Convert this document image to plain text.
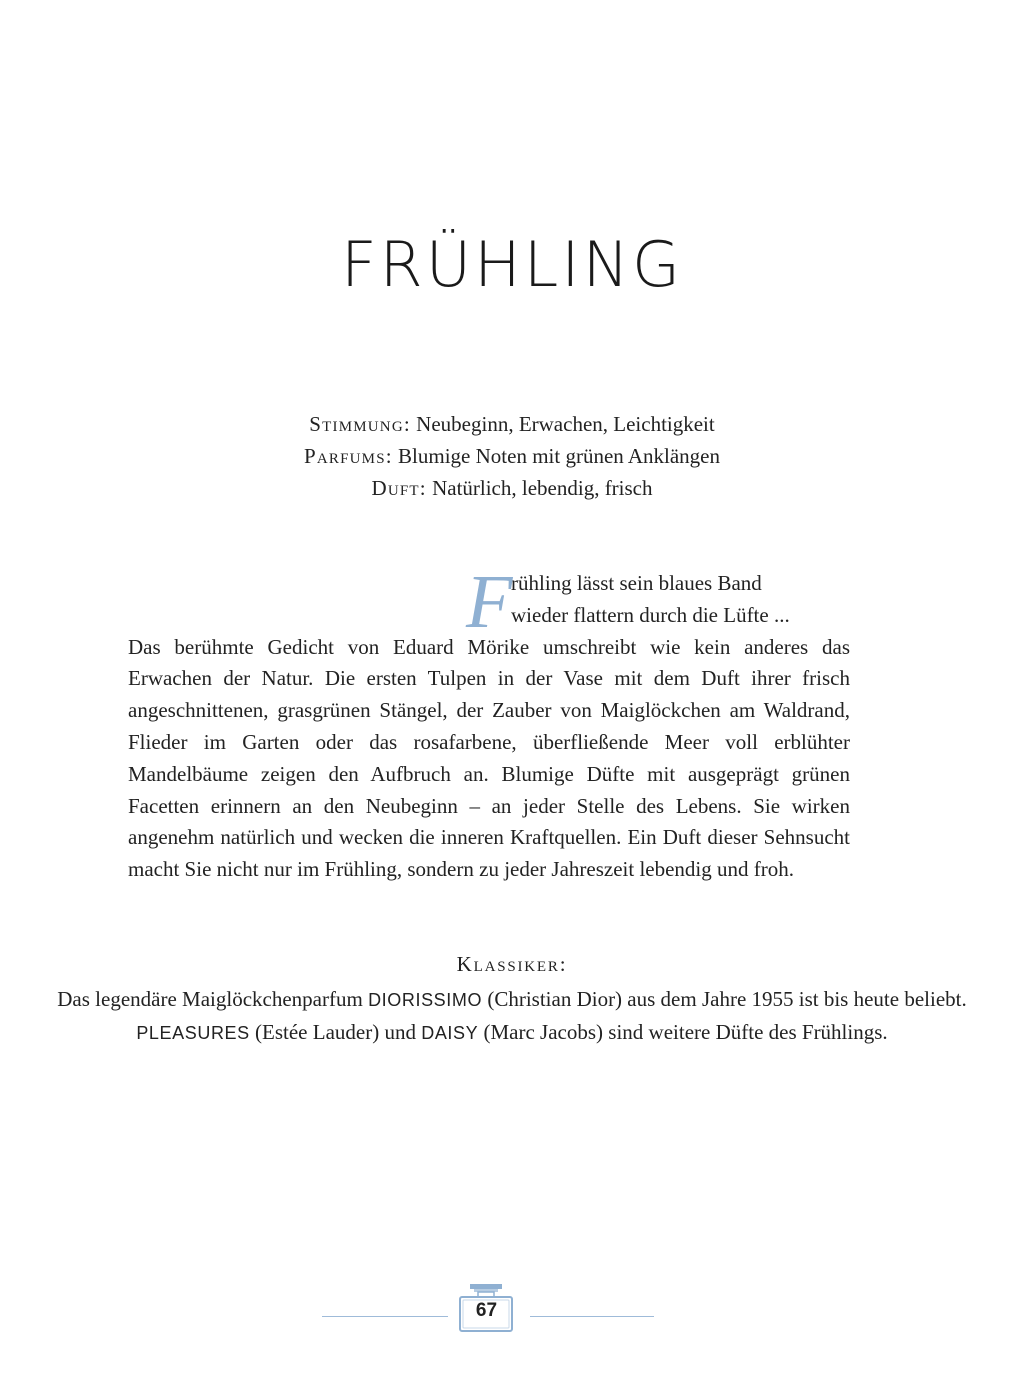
FRÜHLING
Stimmung: Neubeginn, Erwachen, Leichtigkeit
Parfums: Blumige Noten mit grünen Anklängen
Duft: Natürlich, lebendig, frisch
F
rühling lässt sein blaues Band
wieder flattern durch die Lüfte ...
Das berühmte Gedicht von Eduard Mörike umschreibt wie kein anderes das Erwachen der Natur. Die ersten Tulpen in der Vase mit dem Duft ihrer frisch angeschnittenen, grasgrünen Stängel, der Zauber von Maiglöckchen am Waldrand, Flieder im Garten oder das rosafarbene, überfließende Meer voll erblühter Mandelbäume zeigen den Aufbruch an. Blumige Düfte mit ausgeprägt grünen Facetten erinnern an den Neubeginn – an jeder Stelle des Lebens. Sie wirken angenehm natürlich und wecken die inneren Kraftquellen. Ein Duft dieser Sehnsucht macht Sie nicht nur im Frühling, sondern zu jeder Jahreszeit lebendig und froh.
Klassiker:
Das legendäre Maiglöckchenparfum DIORISSIMO (Christian Dior) aus dem Jahre 1955 ist bis heute beliebt. PLEASURES (Estée Lauder) und DAISY (Marc Jacobs) sind weitere Düfte des Frühlings.
67
